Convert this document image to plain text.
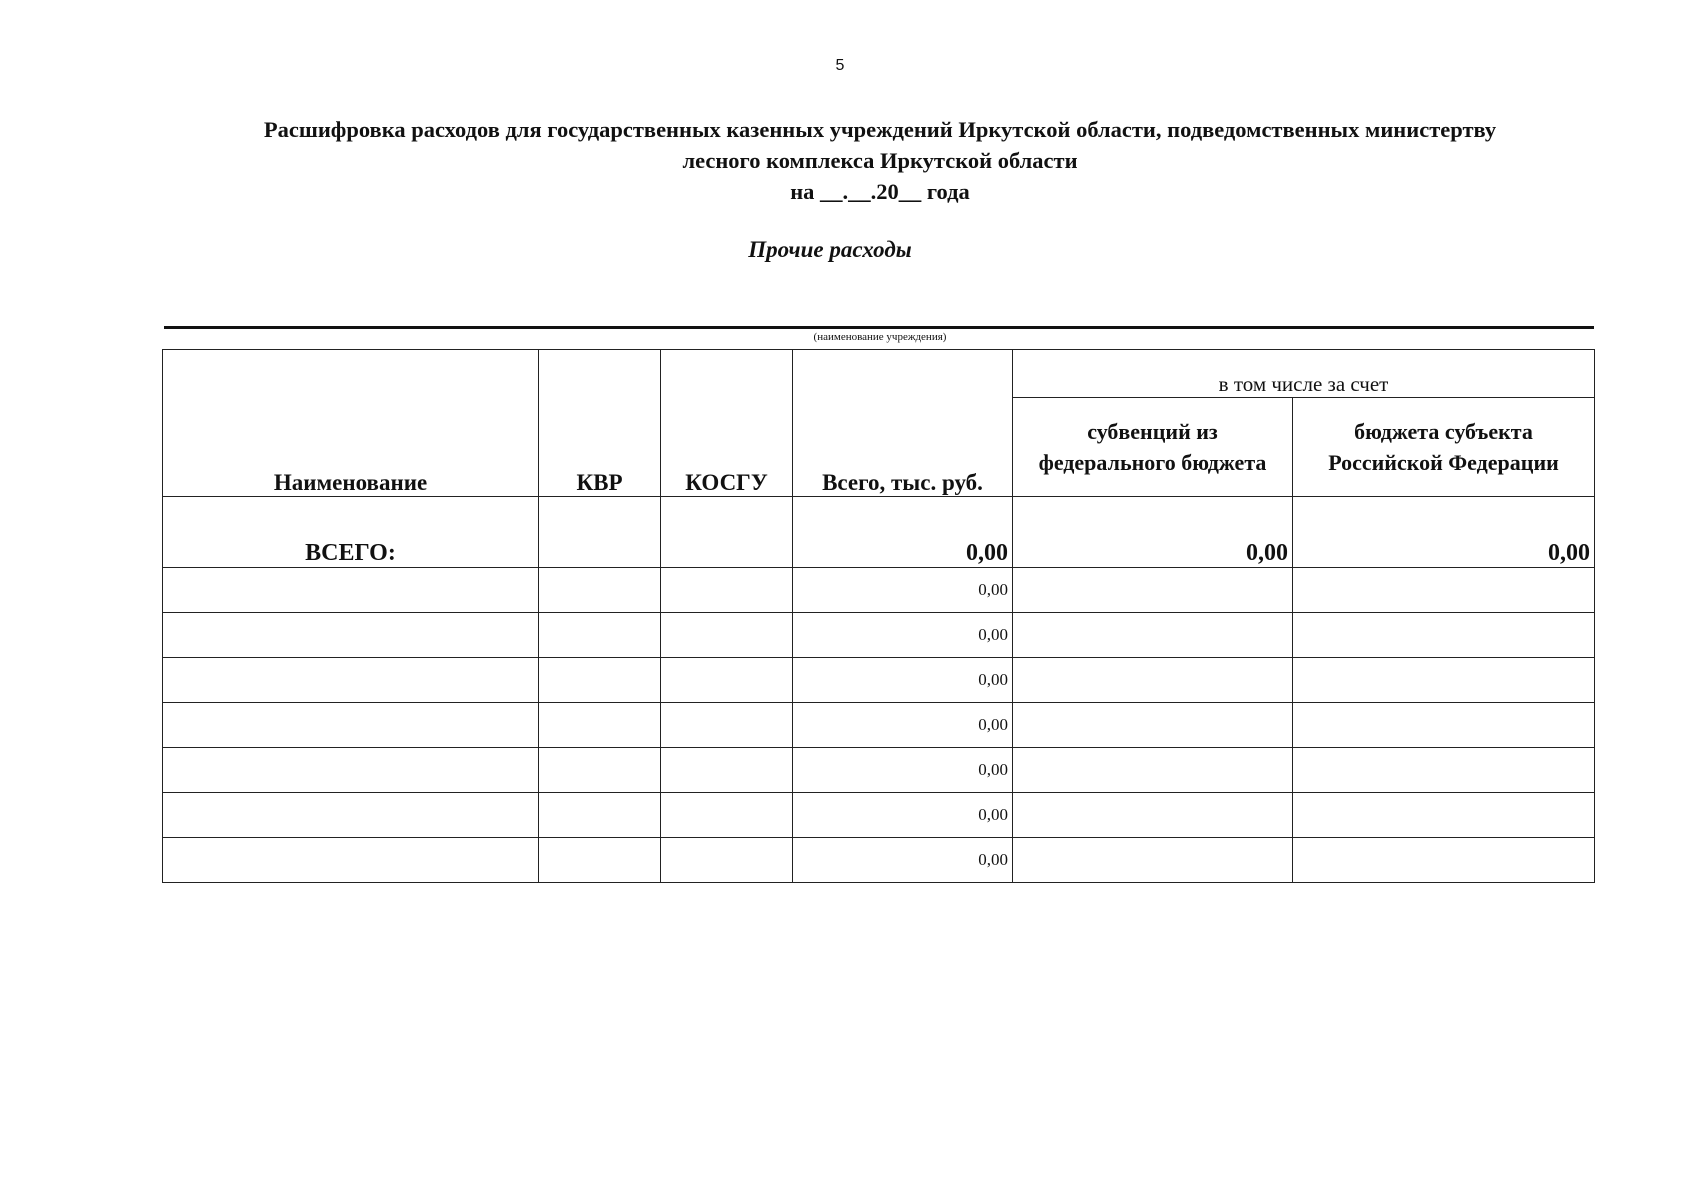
5
Расшифровка расходов для государственных казенных учреждений Иркутской области, подведомственных министертву
лесного комплекса Иркутской области
на __.__.20__ года
Прочие расходы
(наименование учреждения)
Наименование	КВР	КОСГУ	Всего, тыс. руб.	в том числе за счет	
				субвенций из федерального бюджета	бюджета субъекта Российской Федерации
ВСЕГО:			0,00	0,00	0,00
			0,00		
			0,00		
			0,00		
			0,00		
			0,00		
			0,00		
			0,00		
